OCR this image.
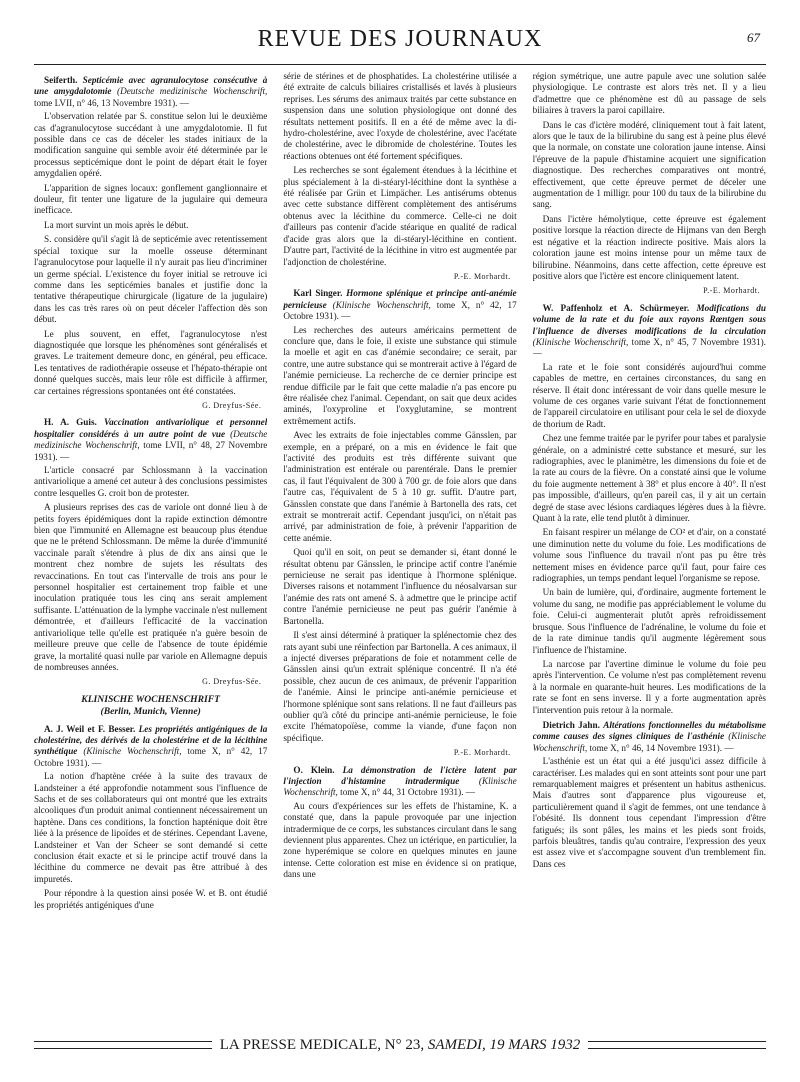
REVUE DES JOURNAUX	67
Seiferth. Septicémie avec agranulocytose consécutive à une amygdalotomie (Deutsche medizinische Wochenschrift, tome LVII, n° 46, 13 Novembre 1931). —

L'observation relatée par S. constitue selon lui le deuxième cas d'agranulocytose succédant à une amygdalotomie. Il fut possible dans ce cas de déceler les stades initiaux de la modification sanguine qui semble avoir été déterminée par le processus septicémique dont le point de départ était le foyer amygdalien opéré.

L'apparition de signes locaux: gonflement ganglionnaire et douleur, fit tenter une ligature de la jugulaire qui demeura inefficace.

La mort survint un mois après le début.

S. considère qu'il s'agit là de septicémie avec retentissement spécial toxique sur la moelle osseuse déterminant l'agranulocytose pour laquelle il n'y aurait pas lieu d'incriminer un germe spécial. L'existence du foyer initial se retrouve ici comme dans les septicémies banales et justifie donc la tentative thérapeutique chirurgicale (ligature de la jugulaire) dans les cas très rares où on peut déceler l'affection dès son début.

Le plus souvent, en effet, l'agranulocytose n'est diagnostiquée que lorsque les phénomènes sont généralisés et graves. Le traitement demeure donc, en général, peu efficace. Les tentatives de radiothérapie osseuse et l'hépato-thérapie ont donné quelques succès, mais leur rôle est difficile à affirmer, car certaines régressions spontanées ont été constatées.

G. Dreyfus-Sée.
H. A. Guis. Vaccination antivariolique et personnel hospitalier considérés à un autre point de vue (Deutsche medizinische Wochenschrift, tome LVII, n° 48, 27 Novembre 1931). —

L'article consacré par Schlossmann à la vaccination antivariolique a amené cet auteur à des conclusions pessimistes contre lesquelles G. croit bon de protester.

A plusieurs reprises des cas de variole ont donné lieu à de petits foyers épidémiques dont la rapide extinction démontre bien que l'immunité en Allemagne est beaucoup plus étendue que ne le prétend Schlossmann. De même la durée d'immunité vaccinale paraît s'étendre à plus de dix ans ainsi que le montrent chez nombre de sujets les résultats des revaccinations. En tout cas l'intervalle de trois ans pour le personnel hospitalier est certainement trop faible et une inoculation pratiquée tous les cinq ans serait amplement suffisante. L'atténuation de la lymphe vaccinale n'est nullement démontrée, et d'ailleurs l'efficacité de la vaccination antivariolique telle qu'elle est pratiquée n'a guère besoin de meilleure preuve que celle de l'absence de toute épidémie grave, la mortalité quasi nulle par variole en Allemagne depuis de nombreuses années.

G. Dreyfus-Sée.
KLINISCHE WOCHENSCHRIFT
(Berlin, Munich, Vienne)
A. J. Weil et F. Besser. Les propriétés antigéniques de la cholestérine, des dérivés de la cholestérine et de la lécithine synthétique (Klinische Wochenschrift, tome X, n° 42, 17 Octobre 1931). —

La notion d'haptène créée à la suite des travaux de Landsteiner a été approfondie notamment sous l'influence de Sachs et de ses collaborateurs qui ont montré que les extraits alcooliques d'un produit animal contiennent nécessairement un haptène. Dans ces conditions, la fonction hapténique doit être liée à la présence de lipoïdes et de stérines. Cependant Lavene, Landsteiner et Van der Scheer se sont demandé si cette conclusion était exacte et si le principe actif trouvé dans la lécithine du commerce ne devait pas être attribué à des impuretés.

Pour répondre à la question ainsi posée W. et B. ont étudié les propriétés antigéniques d'une

série de stérines et de phosphatides. La cholestérine utilisée a été extraite de calculs biliaires cristallisés et lavés à plusieurs reprises. Les sérums des animaux traités par cette substance en suspension dans une solution physiologique ont donné des résultats nettement positifs. Il en a été de même avec la di-hydro-cholestérine, avec l'oxyde de cholestérine, avec l'acétate de cholestérine, avec le dibromide de cholestérine. Toutes les réactions obtenues ont été fortement spécifiques.

Les recherches se sont également étendues à la lécithine et plus spécialement à la di-stéaryl-lécithine dont la synthèse a été réalisée par Grün et Limpächer. Les antisérums obtenus avec cette substance diffèrent complètement des antisérums obtenus avec la lécithine du commerce. Celle-ci ne doit d'ailleurs pas contenir d'acide stéarique en qualité de radical d'acide gras alors que la di-stéaryl-lécithine en contient. D'autre part, l'activité de la lécithine in vitro est augmentée par l'adjonction de cholestérine.

P.-E. Morhardt.
Karl Singer. Hormone splénique et principe anti-anémie pernicieuse (Klinische Wochenschrift, tome X, n° 42, 17 Octobre 1931). —

Les recherches des auteurs américains permettent de conclure que, dans le foie, il existe une substance qui stimule la moelle et agit en cas d'anémie secondaire; ce serait, par contre, une autre substance qui se montrerait active à l'égard de l'anémie pernicieuse. La recherche de ce dernier principe est rendue difficile par le fait que cette maladie n'a pas encore pu être réalisée chez l'animal. Cependant, on sait que deux acides aminés, l'oxyproline et l'oxyglutamine, se montrent extrêmement actifs.

Avec les extraits de foie injectables comme Gänsslen, par exemple, en a préparé, on a mis en évidence le fait que l'activité des produits est très différente suivant que l'administration est entérale ou parentérale. Dans le premier cas, il faut l'équivalent de 300 à 700 gr. de foie alors que dans l'autre cas, l'équivalent de 5 à 10 gr. suffit. D'autre part, Gänsslen constate que dans l'anémie à Bartonella des rats, cet extrait se montrerait actif. Cependant jusqu'ici, on n'était pas arrivé, par administration de foie, à prévenir l'apparition de cette anémie.

Quoi qu'il en soit, on peut se demander si, étant donné le résultat obtenu par Gänsslen, le principe actif contre l'anémie pernicieuse ne serait pas identique à l'hormone splénique. Diverses raisons et notamment l'influence du néosalvarsan sur l'anémie des rats ont amené S. à admettre que le principe actif contre l'anémie pernicieuse ne peut pas guérir l'anémie à Bartonella.

Il s'est ainsi déterminé à pratiquer la splénectomie chez des rats ayant subi une réinfection par Bartonella. A ces animaux, il a injecté diverses préparations de foie et notamment celle de Gänsslen ainsi qu'un extrait splénique concentré. Il n'a été possible, chez aucun de ces animaux, de prévenir l'apparition de l'anémie. Ainsi le principe anti-anémie pernicieuse et l'hormone splénique sont sans relations. Il ne faut d'ailleurs pas oublier qu'à côté du principe anti-anémie pernicieuse, le foie excite l'hématopoïèse, comme la viande, d'une façon non spécifique.

P.-E. Morhardt.
O. Klein. La démonstration de l'ictère latent par l'injection d'histamine intradermique (Klinische Wochenschrift, tome X, n° 44, 31 Octobre 1931). —

Au cours d'expériences sur les effets de l'histamine, K. a constaté que, dans la papule provoquée par une injection intradermique de ce corps, les substances circulant dans le sang deviennent plus apparentes. Chez un ictérique, en particulier, la zone hyperémique se colore en quelques minutes en jaune intense. Cette coloration est mise en évidence si on pratique, dans une

région symétrique, une autre papule avec une solution salée physiologique. Le contraste est alors très net. Il y a lieu d'admettre que ce phénomène est dû au passage de sels biliaires à travers la paroi capillaire.

Dans le cas d'ictère modéré, cliniquement tout à fait latent, alors que le taux de la bilirubine du sang est à peine plus élevé que la normale, on constate une coloration jaune intense. Ainsi l'épreuve de la papule d'histamine acquiert une signification diagnostique. Des recherches comparatives ont montré, effectivement, que cette épreuve permet de déceler une augmentation de 1 milligr. pour 100 du taux de la bilirubine du sang.

Dans l'ictère hémolytique, cette épreuve est également positive lorsque la réaction directe de Hijmans van den Bergh est négative et la réaction indirecte positive. Mais alors la coloration jaune est moins intense pour un même taux de bilirubine. Néanmoins, dans cette affection, cette épreuve est positive alors que l'ictère est encore cliniquement latent.

P.-E. Morhardt.
W. Paffenholz et A. Schürmeyer. Modifications du volume de la rate et du foie aux rayons Rœntgen sous l'influence de diverses modifications de la circulation (Klinische Wochenschrift, tome X, n° 45, 7 Novembre 1931). —

La rate et le foie sont considérés aujourd'hui comme capables de mettre, en certaines circonstances, du sang en réserve. Il était donc intéressant de voir dans quelle mesure le volume de ces organes varie suivant l'état de fonctionnement de l'appareil circulatoire en utilisant pour cela le sel de dioxyde de thorium de Radt.

Chez une femme traitée par le pyrifer pour tabes et paralysie générale, on a administré cette substance et mesuré, sur les radiographies, avec le planimètre, les dimensions du foie et de la rate au cours de la fièvre. On a constaté ainsi que le volume du foie augmente nettement à 38° et plus encore à 40°. Il n'est pas impossible, d'ailleurs, qu'en pareil cas, il y ait un certain degré de stase avec lésions cardiaques légères dues à la fièvre. Quant à la rate, elle tend plutôt à diminuer.

En faisant respirer un mélange de CO² et d'air, on a constaté une diminution nette du volume du foie. Les modifications de volume sous l'influence du travail n'ont pas pu être très nettement mises en évidence parce qu'il faut, pour faire ces radiographies, un temps pendant lequel l'organisme se repose.

Un bain de lumière, qui, d'ordinaire, augmente fortement le volume du sang, ne modifie pas appréciablement le volume du foie. Celui-ci augmenterait plutôt après refroidissement brusque. Sous l'influence de l'adrénaline, le volume du foie et de la rate diminue tandis qu'il augmente légèrement sous l'influence de l'histamine.

La narcose par l'avertine diminue le volume du foie peu après l'intervention. Ce volume n'est pas complètement revenu à la normale en quarante-huit heures. Les modifications de la rate se font en sens inverse. Il y a forte augmentation après l'intervention puis retour à la normale.

Dietrich Jahn. Altérations fonctionnelles du métabolisme comme causes des signes cliniques de l'asthénie (Klinische Wochenschrift, tome X, n° 46, 14 Novembre 1931). —

L'asthénie est un état qui a été jusqu'ici assez difficile à caractériser. Les malades qui en sont atteints sont pour une part remarquablement maigres et présentent un habitus asthenicus. Mais d'autres sont d'apparence plus vigoureuse et, particulièrement quand il s'agit de femmes, ont une tendance à l'obésité. Ils donnent tous cependant l'impression d'être fatigués; ils sont pâles, les mains et les pieds sont froids, parfois bleuâtres, tandis qu'au contraire, l'expression des yeux est assez vive et s'accompagne souvent d'un tremblement fin. Dans ces

LA PRESSE MEDICALE, N° 23, SAMEDI, 19 MARS 1932
